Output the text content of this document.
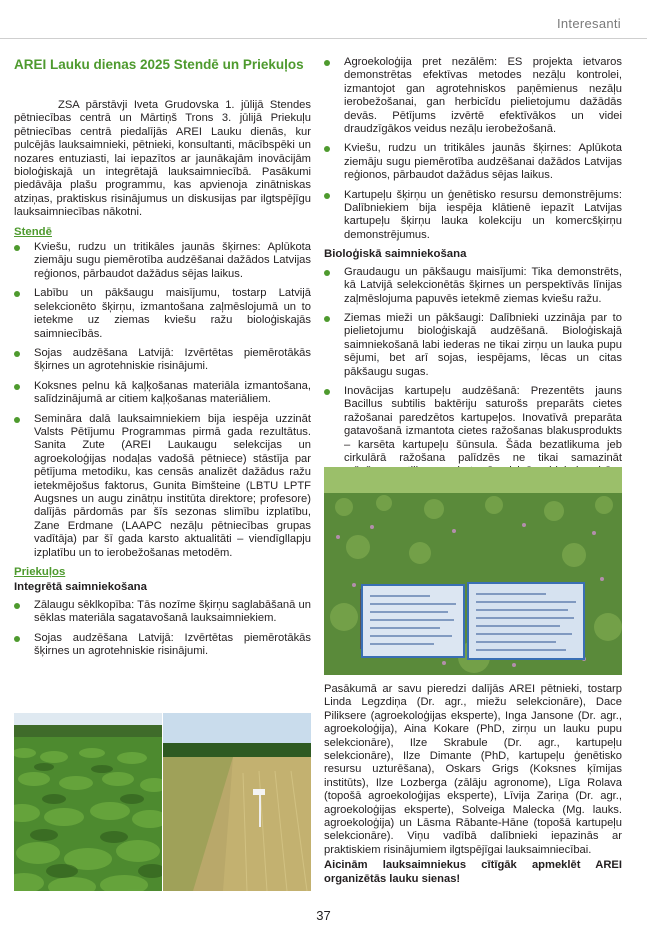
Interesanti
AREI Lauku dienas 2025 Stendē un Priekuļos

ZSA pārstāvji Iveta Grudovska 1. jūlijā Stendes pētniecības centrā un Mārtiņš Trons 3. jūlijā Priekuļu pētniecības centrā piedalījās AREI Lauku dienās, kur pulcējās lauksaimnieki, pētnieki, konsultanti, mācībspēki un nozares entuziasti, lai iepazītos ar jaunākajām inovācijām bioloģiskajā un integrētajā lauksaimniecībā. Pasākumi piedāvāja plašu programmu, kas apvienoja zinātniskas atziņas, praktiskus risinājumus un diskusijas par ilgtspējīgu lauksaimniecības nākotni.

Stendē
Kviešu, rudzu un tritikāles jaunās šķirnes: Aplūkota ziemāju sugu piemērotība audzēšanai dažādos Latvijas reģionos, pārbaudot dažādus sējas laikus.
Labību un pākšaugu maisījumu, tostarp Latvijā selekcionēto šķirņu, izmantošana zaļmēslojumā un to ietekme uz ziemas kviešu ražu bioloģiskajās saimniecībās.
Sojas audzēšana Latvijā: Izvērtētas piemērotākās šķirnes un agrotehniskie risinājumi.
Koksnes pelnu kā kaļķošanas materiāla izmantošana, salīdzinājumā ar citiem kaļķošanas materiāliem.
Semināra dalā lauksaimniekiem bija iespēja uzzināt Valsts Pētījumu Programmas pirmā gada rezultātus. Sanita Zute (AREI Laukaugu selekcijas un agroekoloģijas nodaļas vadošā pētniece) stāstīja par pētījuma metodiku, kas censās analizēt dažādus ražu ietekmējošus faktorus, Gunita Bimšteine (LBTU LPTF Augsnes un augu zinātņu institūta direktore; profesore) dalījās pārdomās par šīs sezonas slimību izplatību, Zane Erdmane (LAAPC nezāļu pētniecības grupas vadītāja) par šī gada karsto aktualitāti – viendīgllapju izplatību un to ierobežošanas metodēm.
Priekuļos
Integrētā saimniekošana
Zālaugu sēklkopība: Tās nozīme šķirņu saglabāšanā un sēklas materiāla sagatavošanā lauksaimniekiem.
Sojas audzēšana Latvijā: Izvērtētas piemērotākās šķirnes un agrotehniskie risinājumi.
Agroekoloģija pret nezālēm: ES projekta ietvaros demonstrētas efektīvas metodes nezāļu kontrolei, izmantojot gan agrotehniskos paņēmienus nezāļu ierobežošanai, gan herbicīdu pielietojumu dažādās devās. Pētījums izvērtē efektīvākos un videi draudzīgākos veidus nezāļu ierobežošanā.
Kviešu, rudzu un tritikāles jaunās šķirnes: Aplūkota ziemāju sugu piemērotība audzēšanai dažādos Latvijas reģionos, pārbaudot dažādus sējas laikus.
Kartupeļu šķirņu un ģenētisko resursu demonstrējums: Dalībniekiem bija iespēja klātienē iepazīt Latvijas kartupeļu šķirņu lauka kolekciju un komercšķirņu demonstrējumus.
Bioloģiskā saimniekošana
Graudaugu un pākšaugu maisījumi: Tika demonstrēts, kā Latvijā selekcionētās šķirnes un perspektīvās līnijas zaļmēslojuma papuvēs ietekmē ziemas kviešu ražu.
Ziemas mieži un pākšaugi: Dalībnieki uzzināja par to pielietojumu bioloģiskajā audzēšanā. Bioloģiskajā saimniekošanā labi iederas ne tikai zirņu un lauka pupu sējumi, bet arī sojas, iespējams, lēcas un citas pākšaugu sugas.
Inovācijas kartupeļu audzēšanā: Prezentēts jauns Bacillus subtilis baktēriju saturošs preparāts cietes ražošanai paredzētos kartupeļos. Inovatīvā preparāta gatavošanā izmantota cietes ražošanas blakusprodukts – karsēta kartupeļu šūnsula. Šāda bezatlikuma jeb cirkulārā ražošana palīdzēs ne tikai samazināt

Pasākumā ar savu pieredzi dalījās AREI pētnieki, tostarp Linda Legzdiņa (Dr. agr., miežu selekcionāre), Dace Piliksere (agroekoloģijas eksperte), Inga Jansone (Dr. agr., agroekoloģija), Aina Kokare (PhD, zirņu un lauku pupu selekcionāre), Ilze Skrabule (Dr. agr., kartupeļu selekcionāre), Ilze Dimante (PhD, kartupeļu ģenētisko resursu uzturēšana), Oskars Grigs (Koksnes ķīmijas institūts), Ilze Lozberga (zālāju agronome), Līga Rolava (topošā agroekoloģijas eksperte), Līvija Zariņa (Dr. agr., agroekoloģijas eksperte), Solveiga Malecka (Mg. lauks. agroekoloģija) un Lāsma Rābante-Hāne (topošā kartupeļu selekcionāre). Viņu vadībā dalībnieki iepazinās ar praktiskiem risinājumiem ilgtspējīgai lauksaimniecībai.

Aicinām lauksaimniekus cītīgāk apmeklēt AREI organizētās lauku sienas!

37
